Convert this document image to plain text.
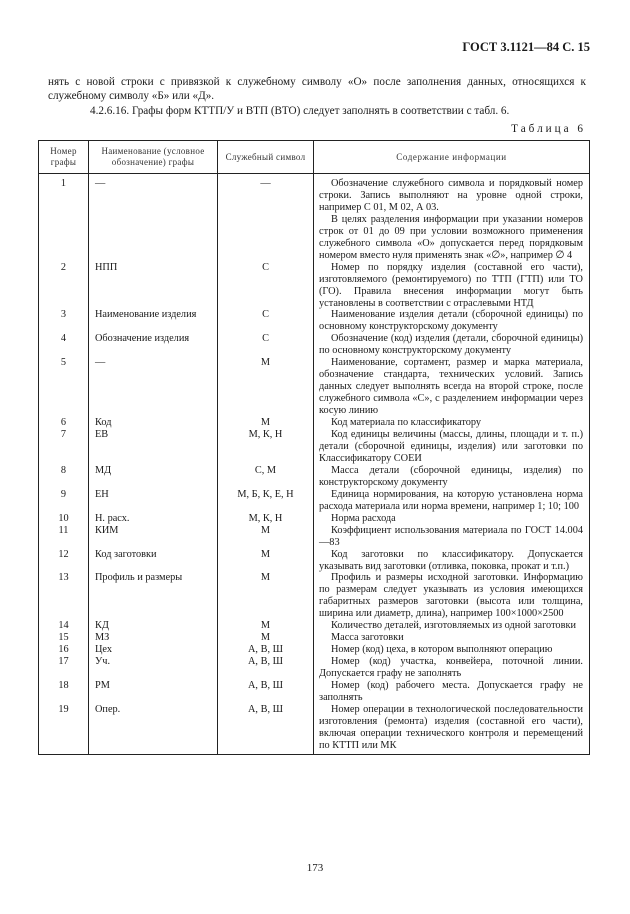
ГОСТ 3.1121—84 С. 15

нять с новой строки с привязкой к служебному символу «О» после заполнения данных, относящихся к служебному символу «Б» или «Д».

4.2.6.16. Графы форм КТТП/У и ВТП (ВТО) следует заполнять в соответствии с табл. 6.

Таблица 6
Номер графы	Наименование (условное обозначение) графы	Служебный символ	Содержание информации
1	—	—	Обозначение служебного символа и порядковый номер строки. Запись выполняют на уровне одной строки, например С 01, М 02, А 03.
В целях разделения информации при указании номеров строк от 01 до 09 при условии возможного применения служебного символа «О» допускается перед порядковым номером вместо нуля применять знак «∅», например ∅ 4

2	НПП	С	Номер по порядку изделия (составной его части), изготовляемого (ремонтируемого) по ТТП (ГТП) или ТО (ГО). Правила внесения информации могут быть установлены в соответствии с отраслевыми НТД

3	Наименование изделия	С	Наименование изделия детали (сборочной единицы) по основному конструкторскому документу

4	Обозначение изделия	С	Обозначение (код) изделия (детали, сборочной единицы) по основному конструкторскому документу

5	—	М	Наименование, сортамент, размер и марка материала, обозначение стандарта, технических условий. Запись данных следует выполнять всегда на второй строке, после служебного символа «С», с разделением информации через косую линию

6	Код	М	Код материала по классификатору

7	ЕВ	М, К, Н	Код единицы величины (массы, длины, площади и т. п.) детали (сборочной единицы, изделия) или заготовки по Классификатору СОЕИ

8	МД	С, М	Масса детали (сборочной единицы, изделия) по конструкторскому документу

9	ЕН	М, Б, К, Е, Н	Единица нормирования, на которую установлена норма расхода материала или норма времени, например 1; 10; 100

10	Н. расх.	М, К, Н	Норма расхода

11	КИМ	М	Коэффициент использования материала по ГОСТ 14.004—83

12	Код заготовки	М	Код заготовки по классификатору. Допускается указывать вид заготовки (отливка, поковка, прокат и т.п.)

13	Профиль и размеры	М	Профиль и размеры исходной заготовки. Информацию по размерам следует указывать из условия имеющихся габаритных размеров заготовки (высота или толщина, ширина или диаметр, длина), например 100×1000×2500

14	КД	М	Количество деталей, изготовляемых из одной заготовки

15	МЗ	М	Масса заготовки

16	Цех	А, В, Ш	Номер (код) цеха, в котором выполняют операцию

17	Уч.	А, В, Ш	Номер (код) участка, конвейера, поточной линии. Допускается графу не заполнять

18	РМ	А, В, Ш	Номер (код) рабочего места. Допускается графу не заполнять

19	Опер.	А, В, Ш	Номер операции в технологической последовательности изготовления (ремонта) изделия (составной его части), включая операции технического контроля и перемещений по КТТП или МК
173
